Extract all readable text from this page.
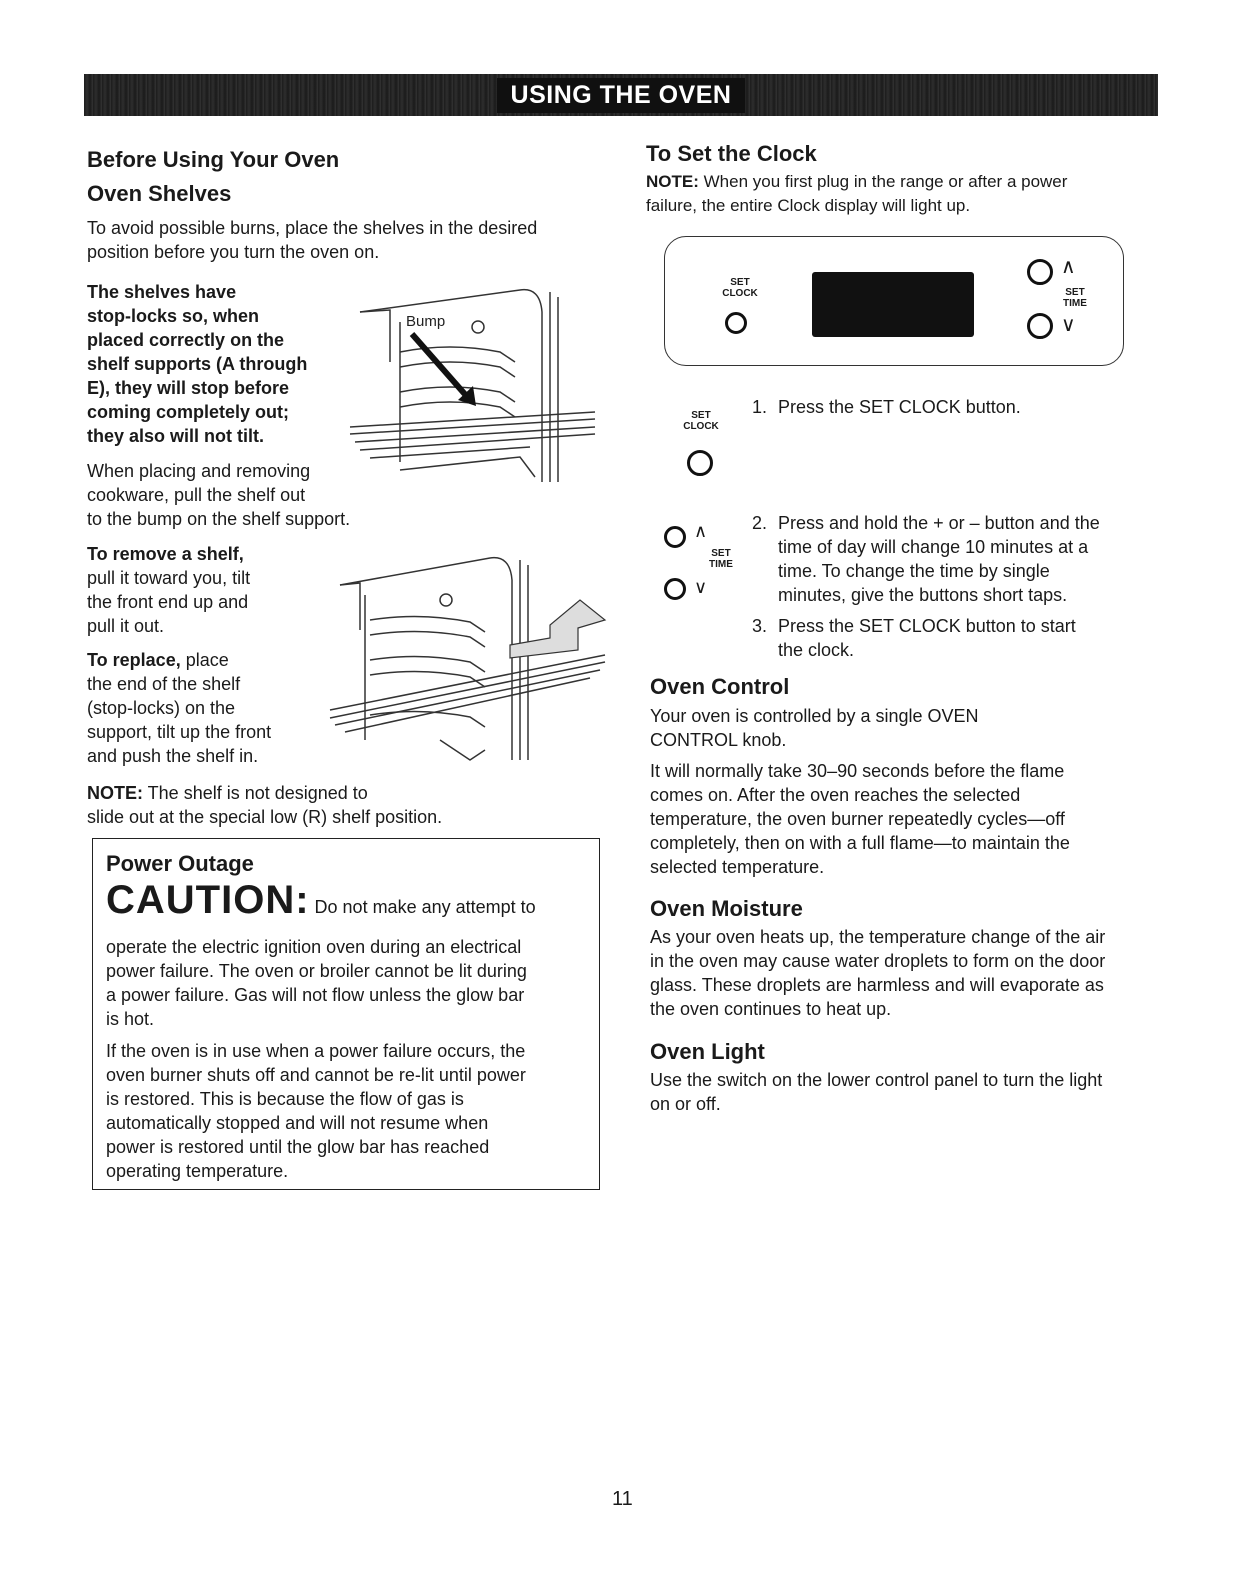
USING THE OVEN
Before Using Your Oven
Oven Shelves
To avoid possible burns, place the shelves in the desired position before you turn the oven on.
The shelves have
stop-locks so, when
placed correctly on the
shelf supports (A through
E), they will stop before
coming completely out;
they also will not tilt.
When placing and removing
cookware, pull the shelf out
to the bump on the shelf support.
Bump
To remove a shelf,
pull it toward you, tilt
the front end up and
pull it out.
To replace, place
the end of the shelf
(stop-locks) on the
support, tilt up the front
and push the shelf in.
NOTE: The shelf is not designed to
slide out at the special low (R) shelf position.
Power Outage
CAUTION: Do not make any attempt to
operate the electric ignition oven during an electrical
power failure. The oven or broiler cannot be lit during
a power failure. Gas will not flow unless the glow bar
is hot.
If the oven is in use when a power failure occurs, the
oven burner shuts off and cannot be re-lit until power
is restored. This is because the flow of gas is
automatically stopped and will not resume when
power is restored until the glow bar has reached
operating temperature.
To Set the Clock
NOTE: When you first plug in the range or after a power
failure, the entire Clock display will light up.
SET
CLOCK
∧
SET
TIME
∨
SET
CLOCK
1. Press the SET CLOCK button.
∧
SET
TIME
∨
2. Press and hold the + or – button and the
time of day will change 10 minutes at a
time. To change the time by single
minutes, give the buttons short taps.
3. Press the SET CLOCK button to start
the clock.
Oven Control
Your oven is controlled by a single OVEN
CONTROL knob.
It will normally take 30–90 seconds before the flame
comes on. After the oven reaches the selected
temperature, the oven burner repeatedly cycles—off
completely, then on with a full flame—to maintain the
selected temperature.
Oven Moisture
As your oven heats up, the temperature change of the air
in the oven may cause water droplets to form on the door
glass. These droplets are harmless and will evaporate as
the oven continues to heat up.
Oven Light
Use the switch on the lower control panel to turn the light
on or off.
11
